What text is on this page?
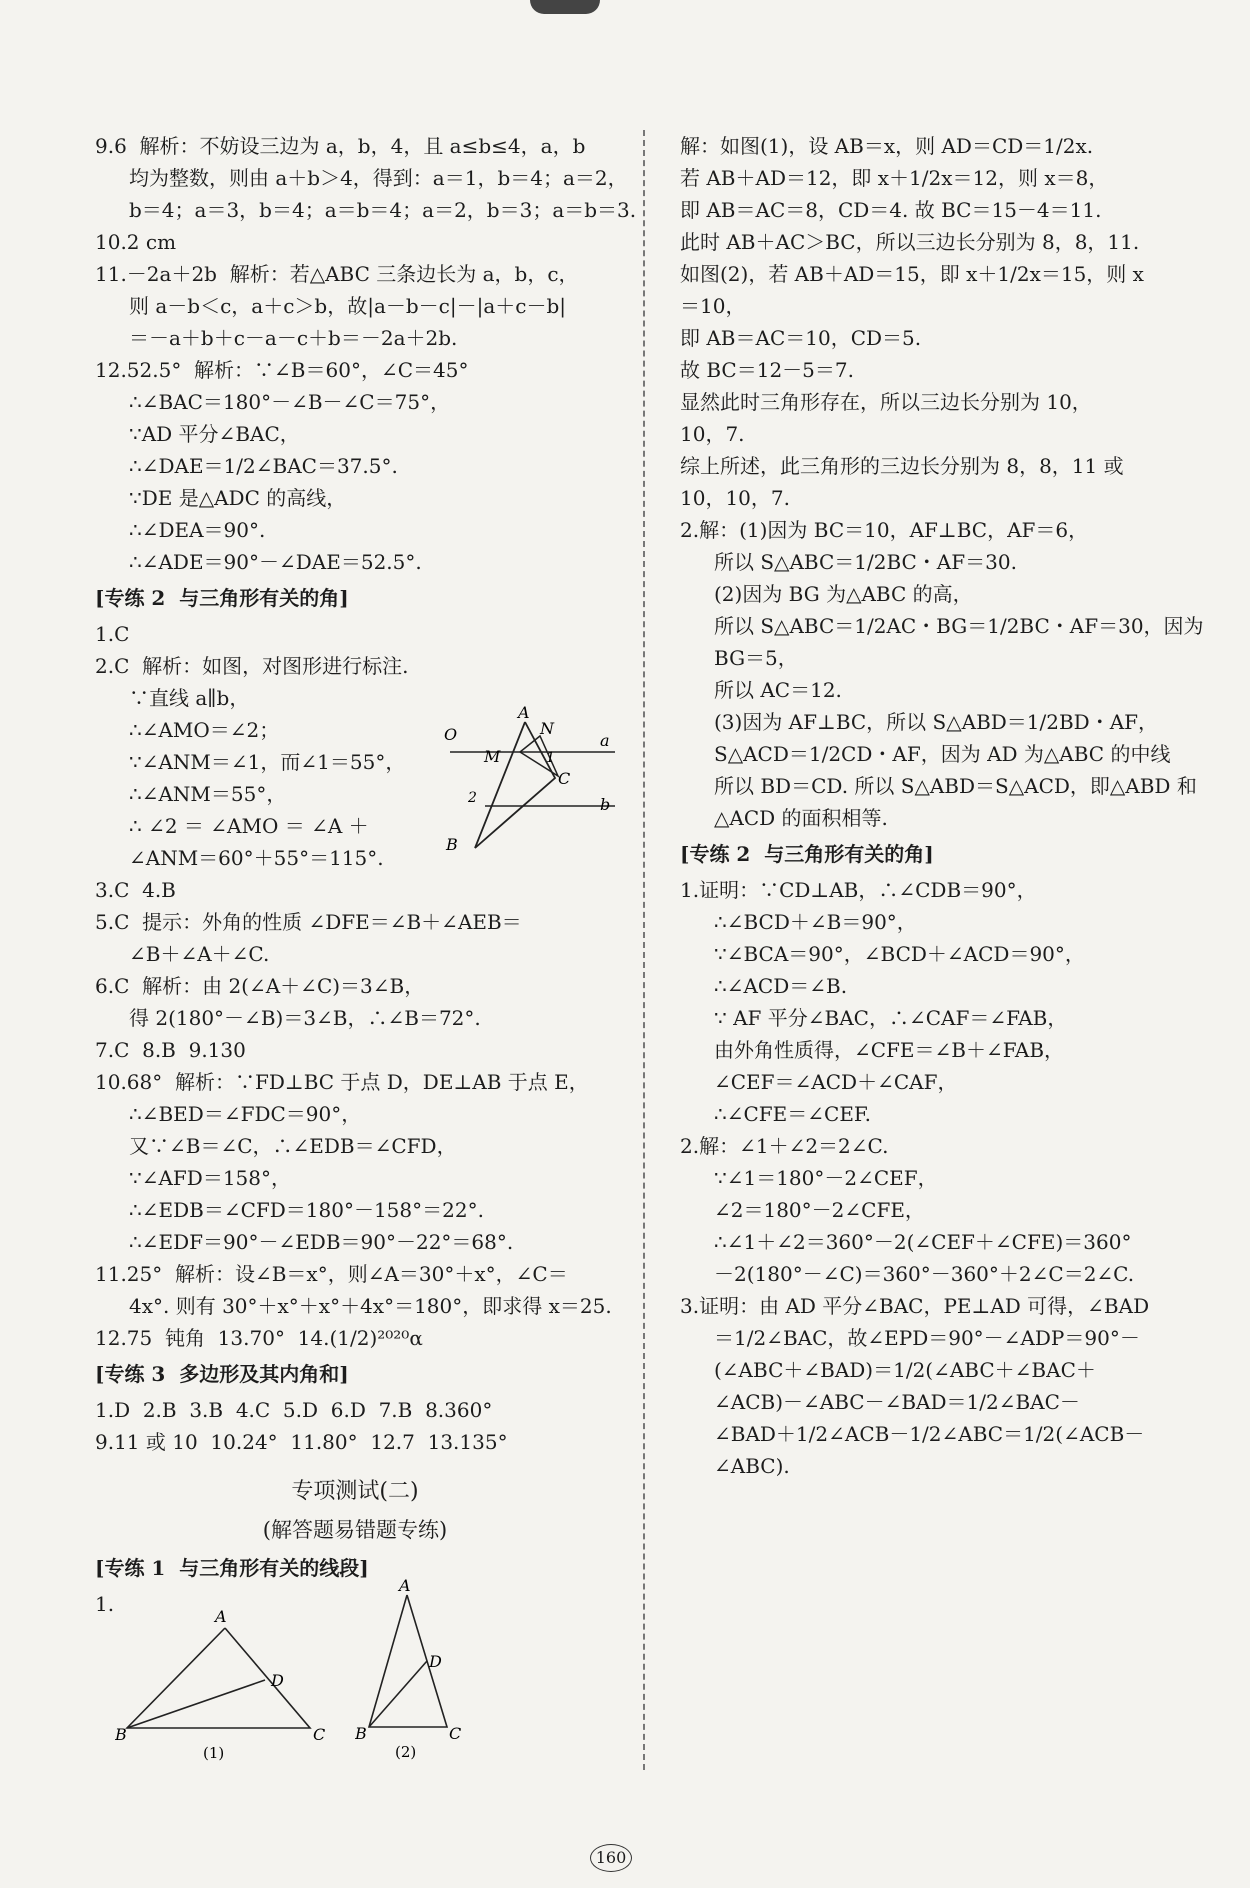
9.6  解析：不妨设三边为 a，b，4，且 a≤b≤4，a，b
均为整数，则由 a＋b＞4，得到：a＝1，b＝4；a＝2，
b＝4；a＝3，b＝4；a＝b＝4；a＝2，b＝3；a＝b＝3.
10.2 cm
11.－2a＋2b  解析：若△ABC 三条边长为 a，b，c，
则 a－b＜c，a＋c＞b，故|a－b－c|－|a＋c－b|
＝－a＋b＋c－a－c＋b＝－2a＋2b.
12.52.5°  解析：∵∠B＝60°，∠C＝45°
∴∠BAC＝180°－∠B－∠C＝75°，
∵AD 平分∠BAC，
∴∠DAE＝1/2∠BAC＝37.5°.
∵DE 是△ADC 的高线，
∴∠DEA＝90°.
∴∠ADE＝90°－∠DAE＝52.5°.
[专练 2  与三角形有关的角]
1.C
2.C  解析：如图，对图形进行标注.
∵直线 a∥b，
∴∠AMO＝∠2；
∵∠ANM＝∠1，而∠1＝55°，
∴∠ANM＝55°，
∴ ∠2 ＝ ∠AMO ＝ ∠A ＋
∠ANM＝60°＋55°＝115°.
3.C  4.B
5.C  提示：外角的性质 ∠DFE＝∠B＋∠AEB＝
∠B＋∠A＋∠C.
6.C  解析：由 2(∠A＋∠C)＝3∠B，
得 2(180°－∠B)＝3∠B，∴∠B＝72°.
7.C  8.B  9.130
10.68°  解析：∵FD⊥BC 于点 D，DE⊥AB 于点 E，
∴∠BED＝∠FDC＝90°，
又∵∠B＝∠C，∴∠EDB＝∠CFD，
∵∠AFD＝158°，
∴∠EDB＝∠CFD＝180°－158°＝22°.
∴∠EDF＝90°－∠EDB＝90°－22°＝68°.
11.25°  解析：设∠B＝x°，则∠A＝30°＋x°，∠C＝
4x°. 则有 30°＋x°＋x°＋4x°＝180°，即求得 x＝25.
12.75  钝角  13.70°  14.(1/2)²⁰²⁰α
[专练 3  多边形及其内角和]
1.D  2.B  3.B  4.C  5.D  6.D  7.B  8.360°
9.11 或 10  10.24°  11.80°  12.7  13.135°
专项测试(二)
(解答题易错题专练)
[专练 1  与三角形有关的线段]
1.
A
N
O	a
M	1
C
2	b
B
A
D
B	C
(1)
A
D
B	C
(2)
解：如图(1)，设 AB＝x，则 AD＝CD＝1/2x.
若 AB＋AD＝12，即 x＋1/2x＝12，则 x＝8，
即 AB＝AC＝8，CD＝4. 故 BC＝15－4＝11.
此时 AB＋AC＞BC，所以三边长分别为 8，8，11.
如图(2)，若 AB＋AD＝15，即 x＋1/2x＝15，则 x
＝10，
即 AB＝AC＝10，CD＝5.
故 BC＝12－5＝7.
显然此时三角形存在，所以三边长分别为 10，
10，7.
综上所述，此三角形的三边长分别为 8，8，11 或
10，10，7.
2.解：(1)因为 BC＝10，AF⊥BC，AF＝6，
所以 S△ABC＝1/2BC・AF＝30.
(2)因为 BG 为△ABC 的高，
所以 S△ABC＝1/2AC・BG＝1/2BC・AF＝30，因为
BG＝5，
所以 AC＝12.
(3)因为 AF⊥BC，所以 S△ABD＝1/2BD・AF，
S△ACD＝1/2CD・AF，因为 AD 为△ABC 的中线
所以 BD＝CD. 所以 S△ABD＝S△ACD，即△ABD 和
△ACD 的面积相等.
[专练 2  与三角形有关的角]
1.证明：∵CD⊥AB，∴∠CDB＝90°，
∴∠BCD＋∠B＝90°，
∵∠BCA＝90°，∠BCD＋∠ACD＝90°，
∴∠ACD＝∠B.
∵ AF 平分∠BAC，∴∠CAF＝∠FAB，
由外角性质得，∠CFE＝∠B＋∠FAB，
∠CEF＝∠ACD＋∠CAF，
∴∠CFE＝∠CEF.
2.解：∠1＋∠2＝2∠C.
∵∠1＝180°－2∠CEF，
∠2＝180°－2∠CFE，
∴∠1＋∠2＝360°－2(∠CEF＋∠CFE)＝360°
－2(180°－∠C)＝360°－360°＋2∠C＝2∠C.
3.证明：由 AD 平分∠BAC，PE⊥AD 可得，∠BAD
＝1/2∠BAC，故∠EPD＝90°－∠ADP＝90°－
(∠ABC＋∠BAD)＝1/2(∠ABC＋∠BAC＋
∠ACB)－∠ABC－∠BAD＝1/2∠BAC－
∠BAD＋1/2∠ACB－1/2∠ABC＝1/2(∠ACB－
∠ABC).
160
